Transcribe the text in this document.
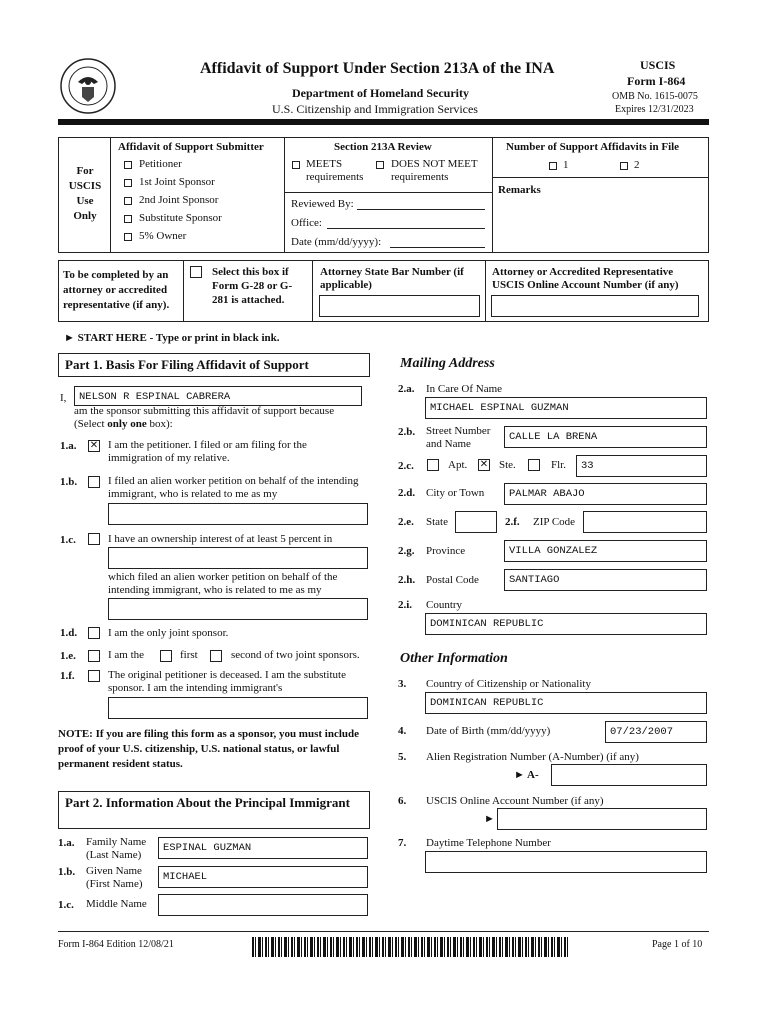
Affidavit of Support Under Section 213A of the INA
Department of Homeland Security
U.S. Citizenship and Immigration Services
USCIS
Form I-864
OMB No. 1615-0075
Expires 12/31/2023
For USCIS Use Only
Affidavit of Support Submitter
Petitioner
1st Joint Sponsor
2nd Joint Sponsor
Substitute Sponsor
5% Owner
Section 213A Review
MEETS requirements
DOES NOT MEET requirements
Reviewed By:
Office:
Date (mm/dd/yyyy):
Number of Support Affidavits in File
1	2
Remarks
To be completed by an attorney or accredited representative (if any).
Select this box if Form G-28 or G-281 is attached.
Attorney State Bar Number (if applicable)
Attorney or Accredited Representative USCIS Online Account Number (if any)
► START HERE - Type or print in black ink.
Part 1. Basis For Filing Affidavit of Support
I,	NELSON R ESPINAL CABRERA
am the sponsor submitting this affidavit of support because
(Select only one box):
1.a. ✕ I am the petitioner. I filed or am filing for the immigration of my relative.
1.b.	I filed an alien worker petition on behalf of the intending immigrant, who is related to me as my
1.c.	I have an ownership interest of at least 5 percent in
which filed an alien worker petition on behalf of the intending immigrant, who is related to me as my
1.d.	I am the only joint sponsor.
1.e.	I am the	first	second of two joint sponsors.
1.f.	The original petitioner is deceased. I am the substitute sponsor. I am the intending immigrant's
NOTE: If you are filing this form as a sponsor, you must include proof of your U.S. citizenship, U.S. national status, or lawful permanent resident status.
Part 2. Information About the Principal Immigrant
1.a. Family Name (Last Name)
ESPINAL GUZMAN
1.b. Given Name (First Name)
MICHAEL
1.c. Middle Name
Mailing Address
2.a. In Care Of Name
MICHAEL ESPINAL GUZMAN
2.b. Street Number and Name
CALLE LA BRENA
2.c.	Apt. ✕ Ste.	Flr.	33
2.d. City or Town	PALMAR ABAJO
2.e. State	2.f. ZIP Code
2.g. Province	VILLA GONZALEZ
2.h. Postal Code	SANTIAGO
2.i. Country
DOMINICAN REPUBLIC
Other Information
3. Country of Citizenship or Nationality
DOMINICAN REPUBLIC
4. Date of Birth (mm/dd/yyyy)	07/23/2007
5. Alien Registration Number (A-Number) (if any)
► A-
6. USCIS Online Account Number (if any)
►
7. Daytime Telephone Number
Form I-864 Edition 12/08/21	Page 1 of 10
